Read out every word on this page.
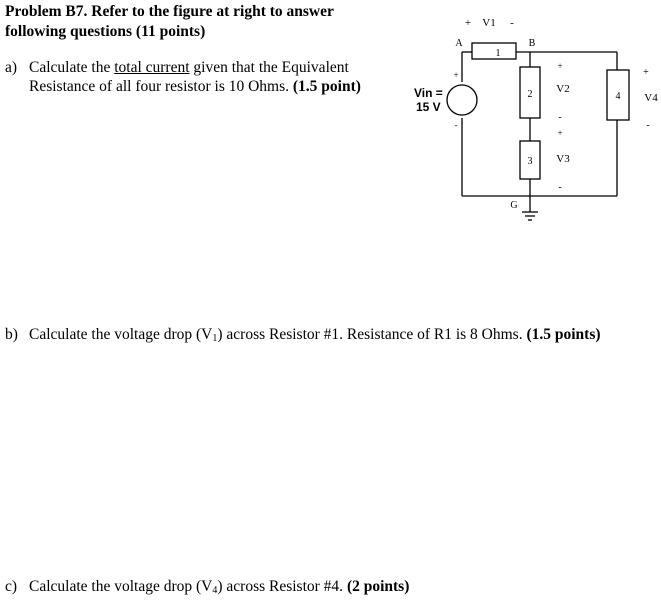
Problem B7. Refer to the figure at right to answer
following questions (11 points)
a) Calculate the total current given that the Equivalent
Resistance of all four resistor is 10 Ohms. (1.5 point)
b) Calculate the voltage drop $(V_1)$ across Resistor #1. Resistance of R1 is 8 Ohms. (1.5 points)
c) Calculate the voltage drop $(V_4)$ across Resistor #4. (2 points)
1
2
3
4
A	B
G
+ V1 -
+
-
+
V2
-
+
V3
-
+
V4
-
Vin =
15 V
